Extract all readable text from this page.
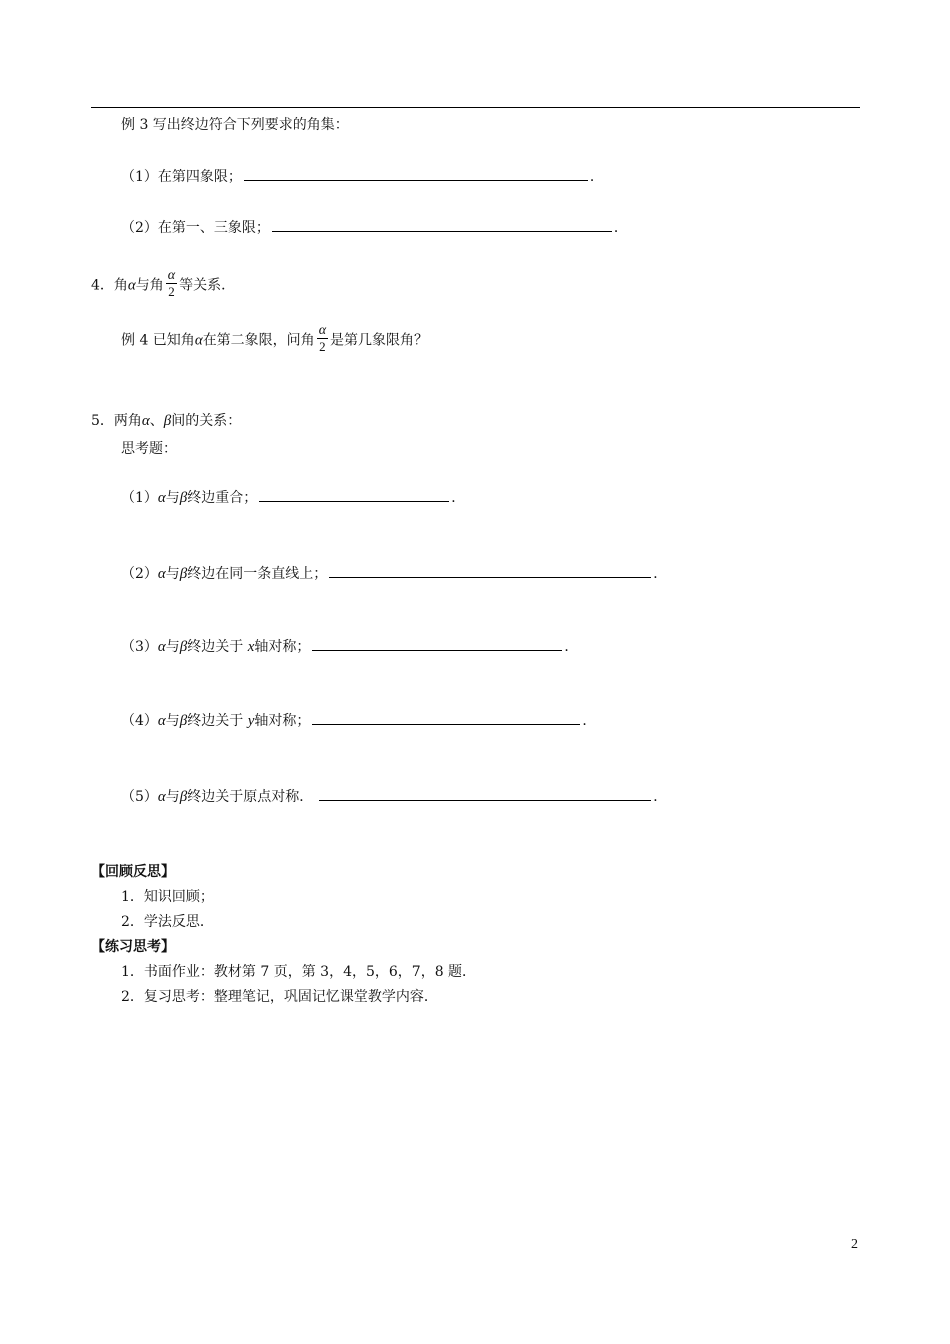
例 3 写出终边符合下列要求的角集：
（1）在第四象限；	．
（2）在第一、三象限；	．
4．角α与角 $\frac{\alpha}{2}$ 等关系．
例 4 已知角α在第二象限，问角 $\frac{\alpha}{2}$ 是第几象限角？
5．两角α、β间的关系：
思考题：
（1）α与β终边重合；	．
（2）α与β终边在同一条直线上；	．
（3）α与β终边关于 x轴对称；	．
（4）α与β终边关于 y轴对称；	．
（5）α与β终边关于原点对称．	．
【回顾反思】
1．知识回顾；
2．学法反思．
【练习思考】
1．书面作业：教材第 7 页，第 3，4，5，6，7，8 题．
2．复习思考：整理笔记，巩固记忆课堂教学内容．
2
